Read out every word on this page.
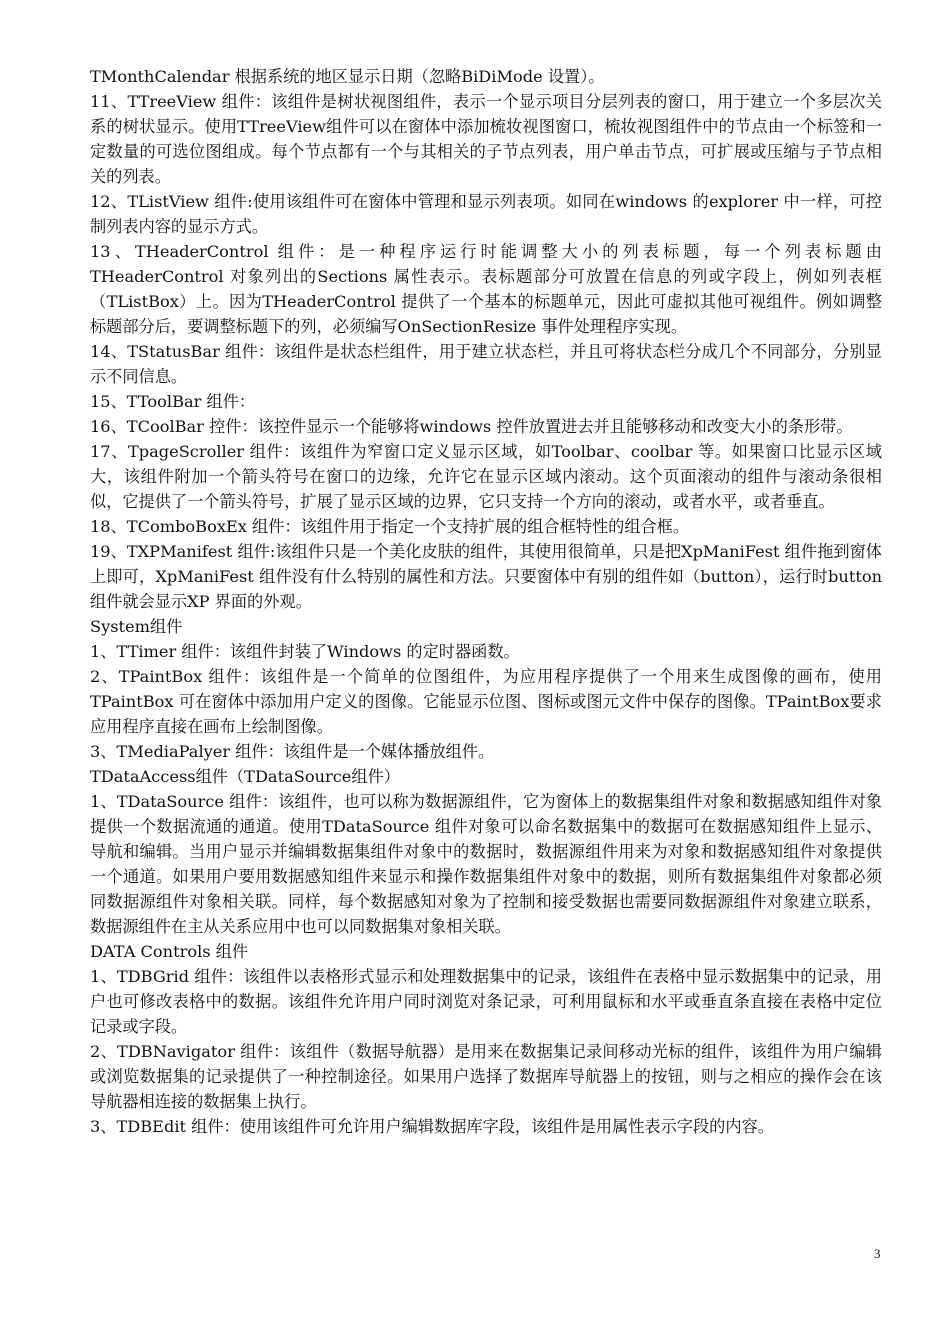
TMonthCalendar 根据系统的地区显示日期（忽略BiDiMode 设置）。

11、TTreeView 组件：该组件是树状视图组件，表示一个显示项目分层列表的窗口，用于建立一个多层次关系的树状显示。使用TTreeView组件可以在窗体中添加梳妆视图窗口，梳妆视图组件中的节点由一个标签和一定数量的可选位图组成。每个节点都有一个与其相关的子节点列表，用户单击节点，可扩展或压缩与子节点相关的列表。

12、TListView 组件:使用该组件可在窗体中管理和显示列表项。如同在windows 的explorer 中一样，可控制列表内容的显示方式。

13、THeaderControl 组件：是一种程序运行时能调整大小的列表标题，每一个列表标题由THeaderControl 对象列出的Sections 属性表示。表标题部分可放置在信息的列或字段上，例如列表框（TListBox）上。因为THeaderControl 提供了一个基本的标题单元，因此可虚拟其他可视组件。例如调整标题部分后，要调整标题下的列，必须编写OnSectionResize 事件处理程序实现。

14、TStatusBar 组件：该组件是状态栏组件，用于建立状态栏，并且可将状态栏分成几个不同部分，分别显示不同信息。

15、TToolBar 组件：

16、TCoolBar 控件：该控件显示一个能够将windows 控件放置进去并且能够移动和改变大小的条形带。

17、TpageScroller 组件：该组件为窄窗口定义显示区域，如Toolbar、coolbar 等。如果窗口比显示区域大，该组件附加一个箭头符号在窗口的边缘，允许它在显示区域内滚动。这个页面滚动的组件与滚动条很相似，它提供了一个箭头符号，扩展了显示区域的边界，它只支持一个方向的滚动，或者水平，或者垂直。

18、TComboBoxEx 组件：该组件用于指定一个支持扩展的组合框特性的组合框。

19、TXPManifest 组件:该组件只是一个美化皮肤的组件，其使用很简单，只是把XpManiFest 组件拖到窗体上即可，XpManiFest 组件没有什么特别的属性和方法。只要窗体中有别的组件如（button），运行时button 组件就会显示XP 界面的外观。

System组件

1、TTimer 组件：该组件封装了Windows 的定时器函数。

2、TPaintBox 组件：该组件是一个简单的位图组件，为应用程序提供了一个用来生成图像的画布，使用TPaintBox 可在窗体中添加用户定义的图像。它能显示位图、图标或图元文件中保存的图像。TPaintBox要求应用程序直接在画布上绘制图像。

3、TMediaPalyer 组件：该组件是一个媒体播放组件。

TDataAccess组件（TDataSource组件）

1、TDataSource 组件：该组件，也可以称为数据源组件，它为窗体上的数据集组件对象和数据感知组件对象提供一个数据流通的通道。使用TDataSource 组件对象可以命名数据集中的数据可在数据感知组件上显示、导航和编辑。当用户显示并编辑数据集组件对象中的数据时，数据源组件用来为对象和数据感知组件对象提供一个通道。如果用户要用数据感知组件来显示和操作数据集组件对象中的数据，则所有数据集组件对象都必须同数据源组件对象相关联。同样，每个数据感知对象为了控制和接受数据也需要同数据源组件对象建立联系，数据源组件在主从关系应用中也可以同数据集对象相关联。

DATA Controls 组件

1、TDBGrid 组件：该组件以表格形式显示和处理数据集中的记录，该组件在表格中显示数据集中的记录，用户也可修改表格中的数据。该组件允许用户同时浏览对条记录，可利用鼠标和水平或垂直条直接在表格中定位记录或字段。

2、TDBNavigator 组件：该组件（数据导航器）是用来在数据集记录间移动光标的组件，该组件为用户编辑或浏览数据集的记录提供了一种控制途径。如果用户选择了数据库导航器上的按钮，则与之相应的操作会在该导航器相连接的数据集上执行。

3、TDBEdit 组件：使用该组件可允许用户编辑数据库字段，该组件是用属性表示字段的内容。

3
